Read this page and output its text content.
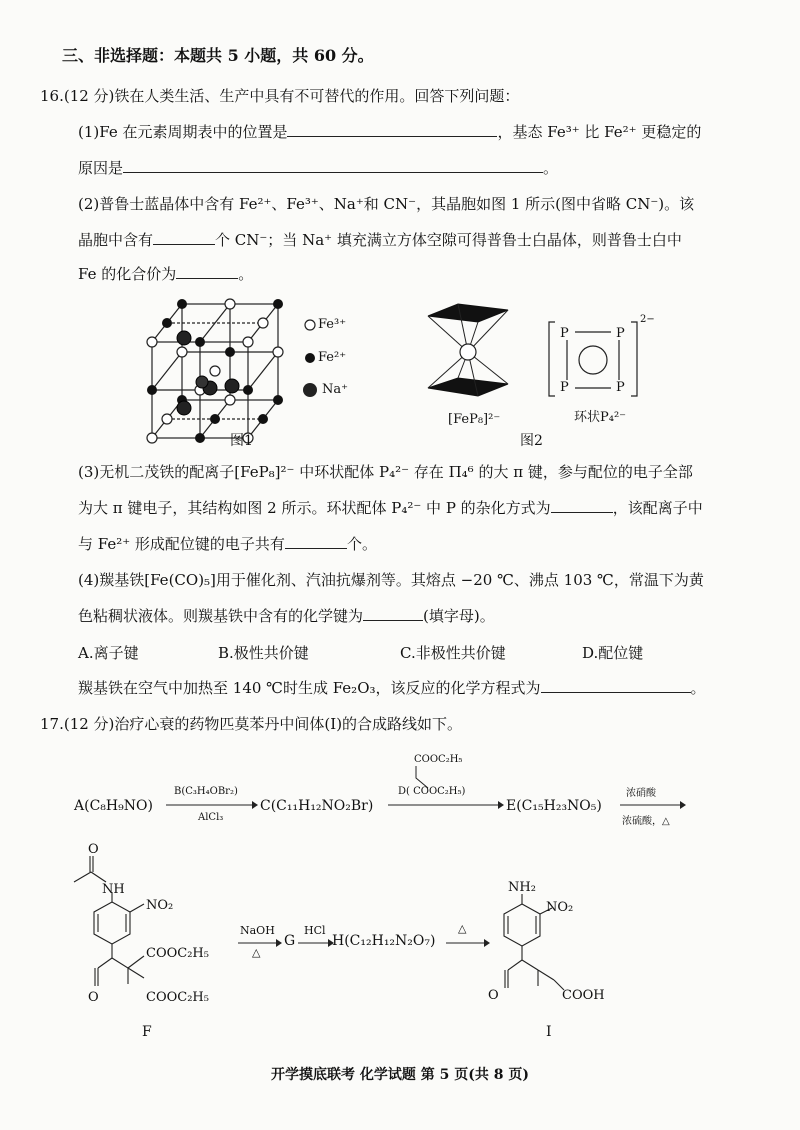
三、非选择题：本题共 5 小题，共 60 分。
16.(12 分)铁在人类生活、生产中具有不可替代的作用。回答下列问题：
(1)Fe 在元素周期表中的位置是	，基态 Fe³⁺ 比 Fe²⁺ 更稳定的
原因是	。
(2)普鲁士蓝晶体中含有 Fe²⁺、Fe³⁺、Na⁺和 CN⁻，其晶胞如图 1 所示(图中省略 CN⁻)。该
晶胞中含有	个 CN⁻；当 Na⁺ 填充满立方体空隙可得普鲁士白晶体，则普鲁士白中
Fe 的化合价为	。
Fe³⁺
Fe²⁺
Na⁺
图1
[FeP₈]²⁻
图2
P	P
P	P
2−
环状P₄²⁻
(3)无机二茂铁的配离子[FeP₈]²⁻ 中环状配体 P₄²⁻ 存在 Π₄⁶ 的大 π 键，参与配位的电子全部
为大 π 键电子，其结构如图 2 所示。环状配体 P₄²⁻ 中 P 的杂化方式为	，该配离子中
与 Fe²⁺ 形成配位键的电子共有	个。
(4)羰基铁[Fe(CO)₅]用于催化剂、汽油抗爆剂等。其熔点 −20 ℃、沸点 103 ℃，常温下为黄
色粘稠状液体。则羰基铁中含有的化学键为	(填字母)。
A.离子键	B.极性共价键	C.非极性共价键	D.配位键
羰基铁在空气中加热至 140 ℃时生成 Fe₂O₃，该反应的化学方程式为	。
17.(12 分)治疗心衰的药物匹莫苯丹中间体(I)的合成路线如下。
A(C₈H₉NO)
B(C₃H₄OBr₂)
AlCl₃
C(C₁₁H₁₂NO₂Br)
COOC₂H₅
D( COOC₂H₅)
E(C₁₅H₂₃NO₅)
浓硝酸
浓硫酸，△
O
NH
NO₂
COOC₂H₅
COOC₂H₅
O
F
NaOH
△
G
HCl
H(C₁₂H₁₂N₂O₇)
△
NH₂
NO₂
O	COOH
I
开学摸底联考 化学试题 第 5 页(共 8 页)
